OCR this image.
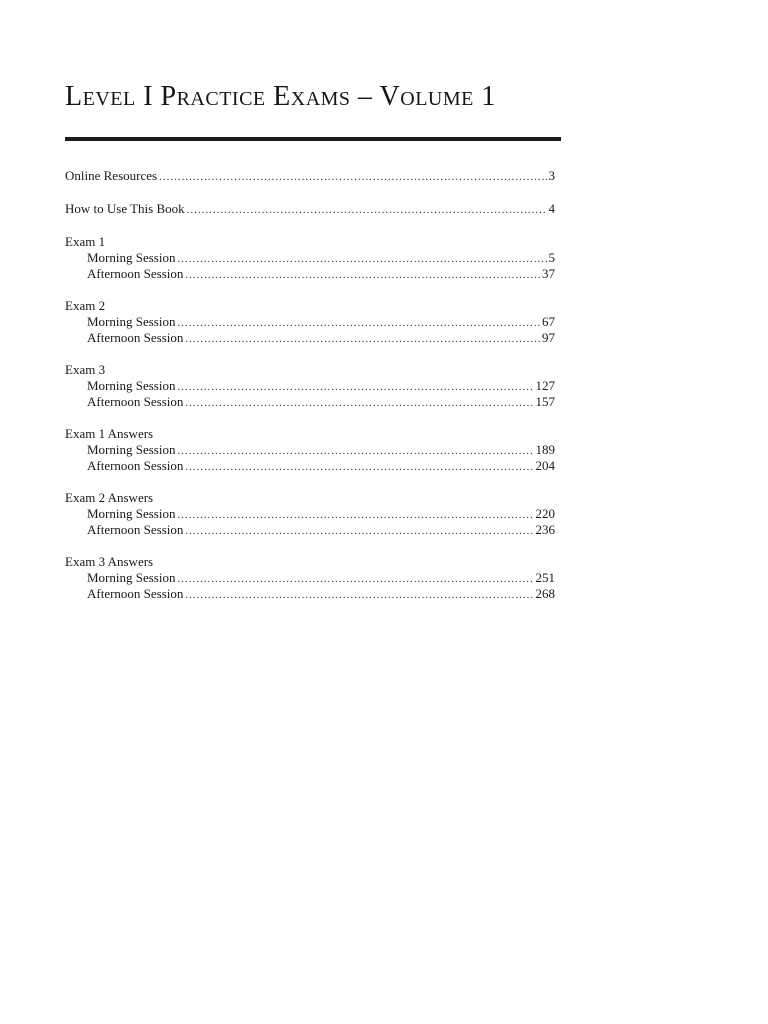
Level I Practice Exams – Volume 1
Online Resources .....	3
How to Use This Book .....	4
Exam 1
Morning Session .....	5
Afternoon Session .....	37
Exam 2
Morning Session .....	67
Afternoon Session .....	97
Exam 3
Morning Session .....	127
Afternoon Session .....	157
Exam 1 Answers
Morning Session .....	189
Afternoon Session .....	204
Exam 2 Answers
Morning Session .....	220
Afternoon Session .....	236
Exam 3 Answers
Morning Session .....	251
Afternoon Session .....	268
